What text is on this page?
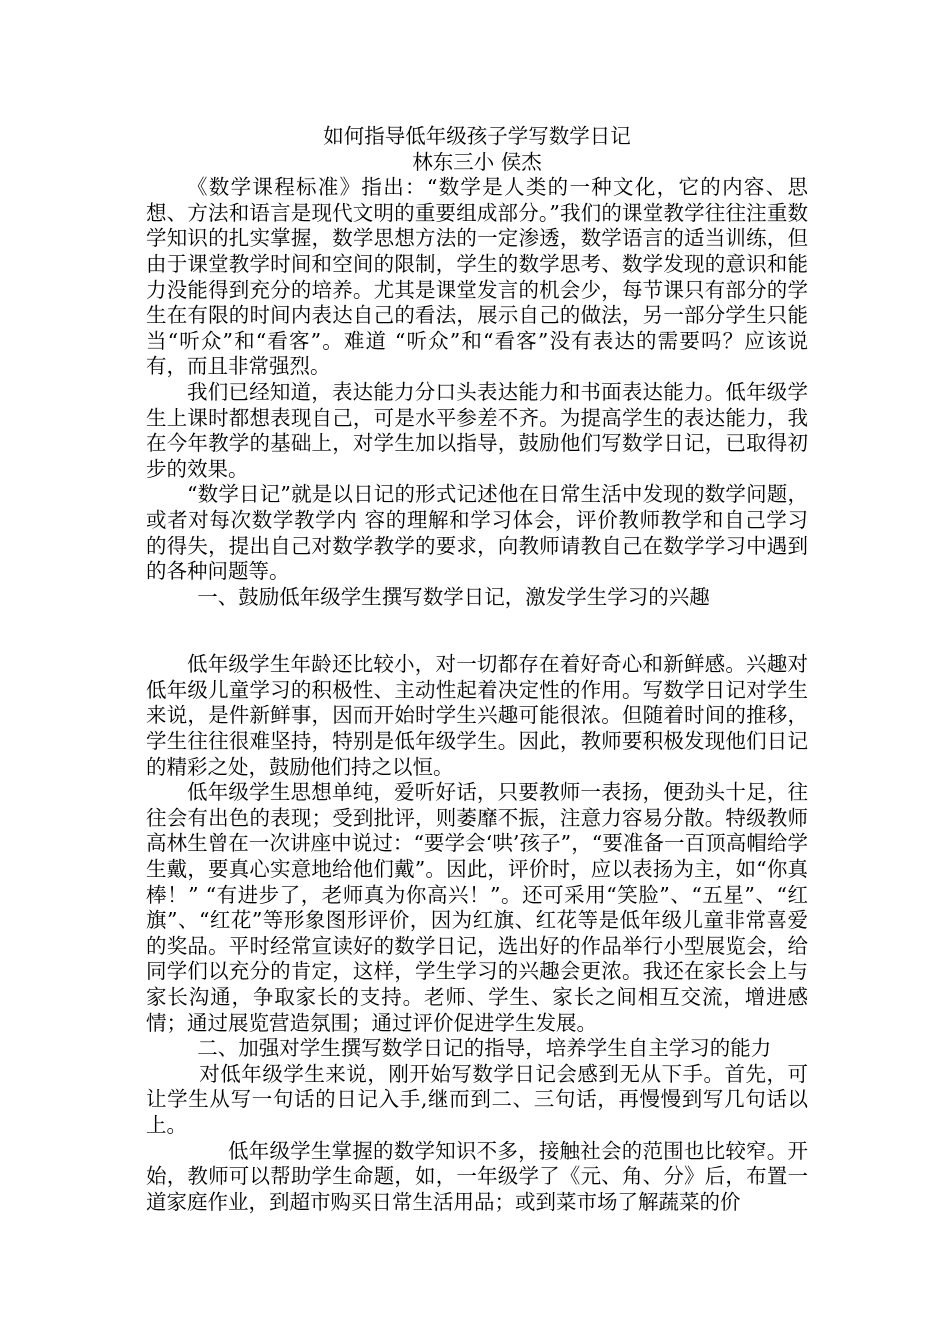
如何指导低年级孩子学写数学日记

林东三小 侯杰

《数学课程标准》指出：“数学是人类的一种文化，它的内容、思想、方法和语言是现代文明的重要组成部分。”我们的课堂教学往往注重数学知识的扎实掌握，数学思想方法的一定渗透，数学语言的适当训练，但由于课堂教学时间和空间的限制，学生的数学思考、数学发现的意识和能力没能得到充分的培养。尤其是课堂发言的机会少，每节课只有部分的学生在有限的时间内表达自己的看法，展示自己的做法，另一部分学生只能当“听众”和“看客”。难道 “听众”和“看客”没有表达的需要吗？应该说有，而且非常强烈。

我们已经知道，表达能力分口头表达能力和书面表达能力。低年级学生上课时都想表现自己，可是水平参差不齐。为提高学生的表达能力，我在今年教学的基础上，对学生加以指导，鼓励他们写数学日记，已取得初步的效果。

“数学日记”就是以日记的形式记述他在日常生活中发现的数学问题，或者对每次数学教学内 容的理解和学习体会，评价教师教学和自己学习的得失，提出自己对数学教学的要求，向教师请教自己在数学学习中遇到的各种问题等。

一、鼓励低年级学生撰写数学日记，激发学生学习的兴趣

低年级学生年龄还比较小，对一切都存在着好奇心和新鲜感。兴趣对低年级儿童学习的积极性、主动性起着决定性的作用。写数学日记对学生来说，是件新鲜事，因而开始时学生兴趣可能很浓。但随着时间的推移，学生往往很难坚持，特别是低年级学生。因此，教师要积极发现他们日记的精彩之处，鼓励他们持之以恒。

低年级学生思想单纯，爱听好话，只要教师一表扬，便劲头十足，往往会有出色的表现；受到批评，则萎靡不振，注意力容易分散。特级教师高林生曾在一次讲座中说过：“要学会‘哄’孩子”，“要准备一百顶高帽给学生戴，要真心实意地给他们戴”。因此，评价时，应以表扬为主，如“你真棒！” “有进步了，老师真为你高兴！”。还可采用“笑脸”、“五星”、“红旗”、“红花”等形象图形评价，因为红旗、红花等是低年级儿童非常喜爱的奖品。平时经常宣读好的数学日记，选出好的作品举行小型展览会，给同学们以充分的肯定，这样，学生学习的兴趣会更浓。我还在家长会上与家长沟通，争取家长的支持。老师、学生、家长之间相互交流，增进感情；通过展览营造氛围；通过评价促进学生发展。

二、加强对学生撰写数学日记的指导，培养学生自主学习的能力

对低年级学生来说，刚开始写数学日记会感到无从下手。首先，可让学生从写一句话的日记入手,继而到二、三句话，再慢慢到写几句话以上。

低年级学生掌握的数学知识不多，接触社会的范围也比较窄。开始，教师可以帮助学生命题，如，一年级学了《元、角、分》后，布置一道家庭作业，到超市购买日常生活用品；或到菜市场了解蔬菜的价
